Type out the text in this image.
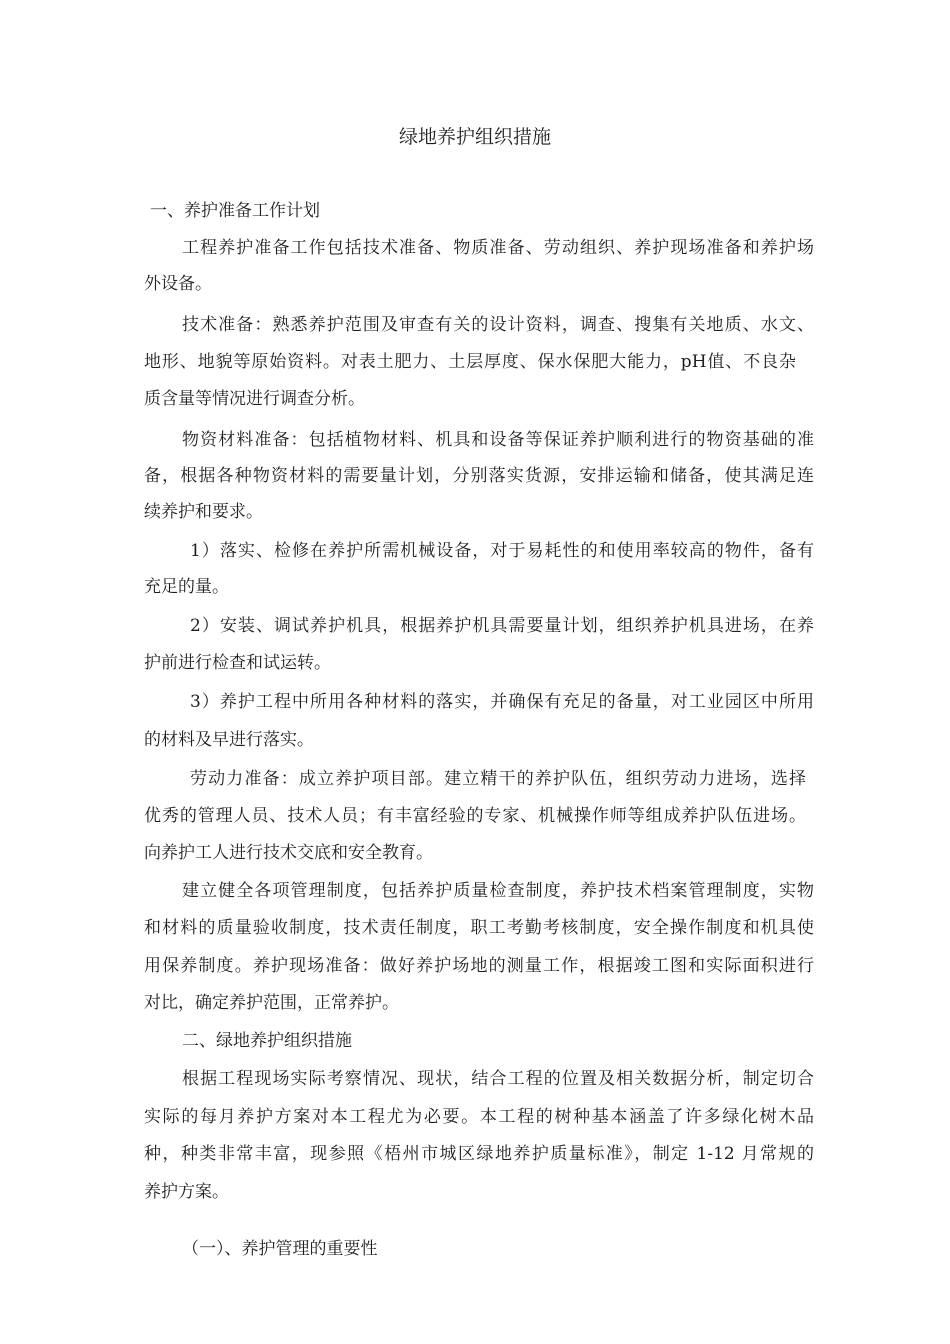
绿地养护组织措施
一、养护准备工作计划
工程养护准备工作包括技术准备、物质准备、劳动组织、养护现场准备和养护场
外设备。
技术准备：熟悉养护范围及审查有关的设计资料，调查、搜集有关地质、水文、
地形、地貌等原始资料。对表土肥力、土层厚度、保水保肥大能力，pH值、不良杂
质含量等情况进行调查分析。
物资材料准备：包括植物材料、机具和设备等保证养护顺利进行的物资基础的准
备，根据各种物资材料的需要量计划，分别落实货源，安排运输和储备，使其满足连
续养护和要求。
1）落实、检修在养护所需机械设备，对于易耗性的和使用率较高的物件，备有
充足的量。
2）安装、调试养护机具，根据养护机具需要量计划，组织养护机具进场，在养
护前进行检查和试运转。
3）养护工程中所用各种材料的落实，并确保有充足的备量，对工业园区中所用
的材料及早进行落实。
劳动力准备：成立养护项目部。建立精干的养护队伍，组织劳动力进场，选择
优秀的管理人员、技术人员；有丰富经验的专家、机械操作师等组成养护队伍进场。
向养护工人进行技术交底和安全教育。
建立健全各项管理制度，包括养护质量检查制度，养护技术档案管理制度，实物
和材料的质量验收制度，技术责任制度，职工考勤考核制度，安全操作制度和机具使
用保养制度。养护现场准备：做好养护场地的测量工作，根据竣工图和实际面积进行
对比，确定养护范围，正常养护。
二、绿地养护组织措施
根据工程现场实际考察情况、现状，结合工程的位置及相关数据分析，制定切合
实际的每月养护方案对本工程尤为必要。本工程的树种基本涵盖了许多绿化树木品
种，种类非常丰富，现参照《梧州市城区绿地养护质量标准》，制定 1-12 月常规的
养护方案。
（一）、养护管理的重要性
